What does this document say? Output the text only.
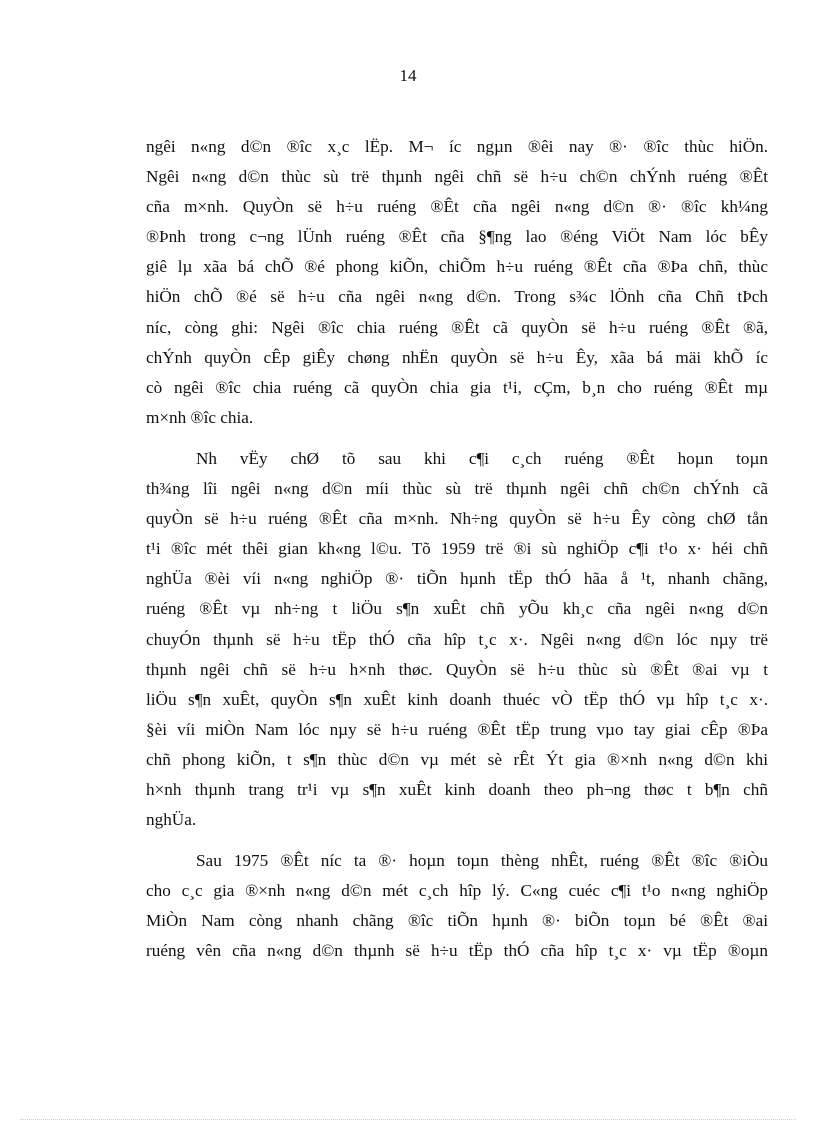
14
ngêi n«ng d©n ®îc x¸c lËp. M¬ íc ngµn ®êi nay ®· ®îc thùc hiÖn.
Ngêi n«ng d©n thùc sù trë thµnh ngêi chñ së h÷u ch©n chÝnh ruéng ®Êt
cña m×nh. QuyÒn së h÷u ruéng ®Êt cña ngêi n«ng d©n ®· ®îc kh¼ng
®Þnh trong c¬ng lÜnh ruéng ®Êt cña §¶ng lao ®éng ViÖt Nam lóc bÊy
giê lµ xãa bá chÕ ®é phong kiÕn, chiÕm h÷u ruéng ®Êt cña ®Þa chñ, thùc
hiÖn chÕ ®é së h÷u cña ngêi n«ng d©n. Trong s¾c lÖnh cña Chñ tÞch
níc, còng ghi: Ngêi ®îc chia ruéng ®Êt cã quyÒn së h÷u ruéng ®Êt ®ã,
chÝnh quyÒn cÊp giÊy chøng nhËn quyÒn së h÷u Êy, xãa bá mäi khÕ íc
cò ngêi ®îc chia ruéng cã quyÒn chia gia t¹i, cÇm, b¸n cho ruéng ®Êt mµ
m×nh ®îc chia.
Nh vËy chØ tõ sau khi c¶i c¸ch ruéng ®Êt hoµn toµn
th¾ng lîi ngêi n«ng d©n míi thùc sù trë thµnh ngêi chñ ch©n chÝnh cã
quyÒn së h÷u ruéng ®Êt cña m×nh. Nh÷ng quyÒn së h÷u Êy còng chØ tån
t¹i ®îc mét thêi gian kh«ng l©u. Tõ 1959 trë ®i sù nghiÖp c¶i t¹o x· héi chñ
nghÜa ®èi víi n«ng nghiÖp ®· tiÕn hµnh tËp thÓ hãa å ¹t, nhanh chãng,
ruéng ®Êt vµ nh÷ng t liÖu s¶n xuÊt chñ yÕu kh¸c cña ngêi n«ng d©n
chuyÓn thµnh së h÷u tËp thÓ cña hîp t¸c x·. Ngêi n«ng d©n lóc nµy trë
thµnh ngêi chñ së h÷u h×nh thøc. QuyÒn së h÷u thùc sù ®Êt ®ai vµ t
liÖu s¶n xuÊt, quyÒn s¶n xuÊt kinh doanh thuéc vÒ tËp thÓ vµ hîp t¸c x·.
§èi víi miÒn Nam lóc nµy së h÷u ruéng ®Êt tËp trung vµo tay giai cÊp ®Þa
chñ phong kiÕn, t s¶n thùc d©n vµ mét sè rÊt Ýt gia ®×nh n«ng d©n khi
h×nh thµnh trang tr¹i vµ s¶n xuÊt kinh doanh theo ph¬ng thøc t b¶n chñ
nghÜa.
Sau 1975 ®Êt níc ta ®· hoµn toµn thèng nhÊt, ruéng ®Êt ®îc ®iÒu
cho c¸c gia ®×nh n«ng d©n mét c¸ch hîp lý. C«ng cuéc c¶i t¹o n«ng nghiÖp
MiÒn Nam còng nhanh chãng ®îc tiÕn hµnh ®· biÕn toµn bé ®Êt ®ai
ruéng vên cña n«ng d©n thµnh së h÷u tËp thÓ cña hîp t¸c x· vµ tËp ®oµn
